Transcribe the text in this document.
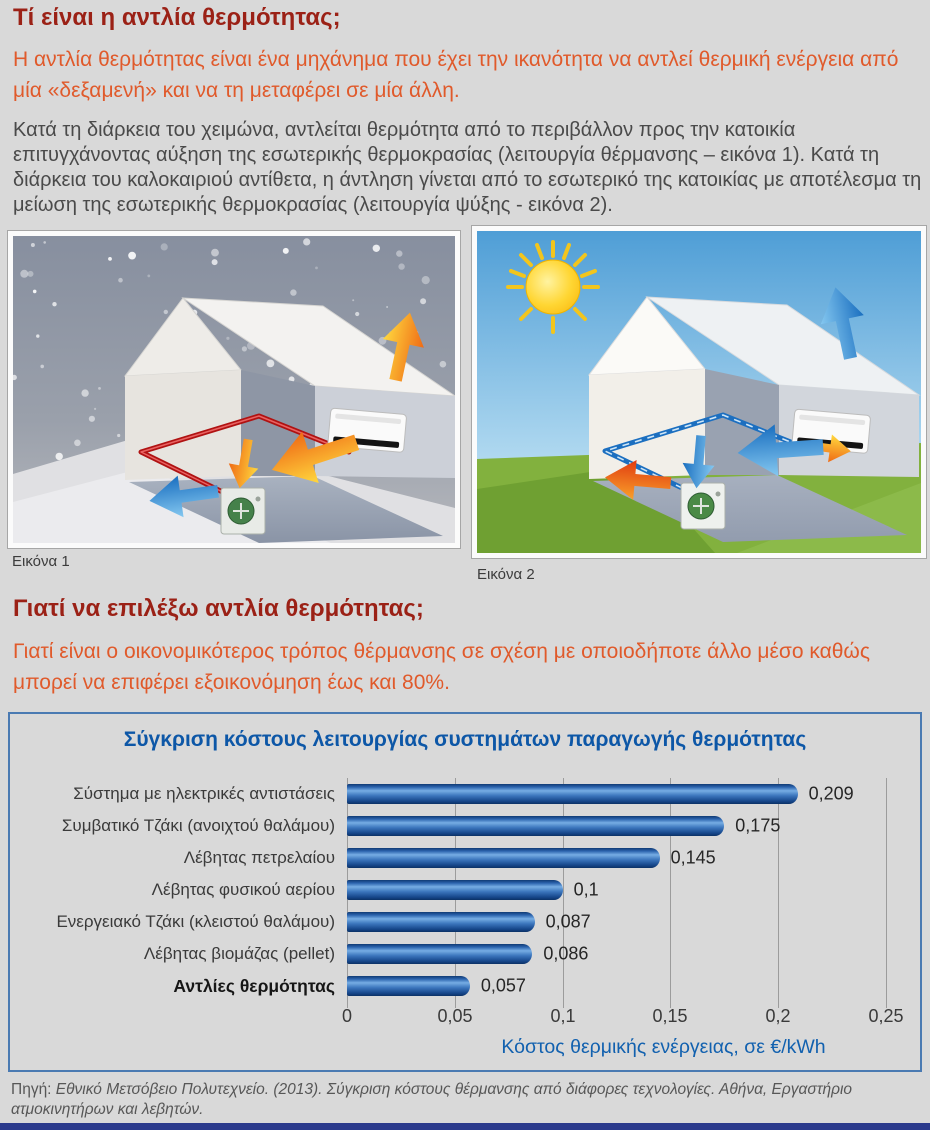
Τί είναι η αντλία θερμότητας;

Η αντλία θερμότητας είναι ένα μηχάνημα που έχει την ικανότητα να αντλεί θερμική ενέργεια από μία «δεξαμενή» και να τη μεταφέρει σε μία άλλη.

Κατά τη διάρκεια του χειμώνα, αντλείται θερμότητα από το περιβάλλον προς την κατοικία επιτυγχάνοντας αύξηση της εσωτερικής θερμοκρασίας (λειτουργία θέρμανσης – εικόνα 1). Κατά τη διάρκεια του καλοκαιριού αντίθετα, η άντληση γίνεται από το εσωτερικό της κατοικίας με αποτέλεσμα τη μείωση της εσωτερικής θερμοκρασίας (λειτουργία ψύξης - εικόνα 2).

Εικόνα 1
Εικόνα 2
Γιατί να επιλέξω αντλία θερμότητας;

Γιατί είναι ο οικονομικότερος τρόπος θέρμανσης σε σχέση με οποιοδήποτε άλλο μέσο καθώς μπορεί να επιφέρει εξοικονόμηση έως και 80%.

Σύγκριση κόστους λειτουργίας συστημάτων παραγωγής θερμότητας
Σύστημα με ηλεκτρικές αντιστάσεις	0,209
Συμβατικό Τζάκι (ανοιχτού θαλάμου)	0,175
Λέβητας πετρελαίου	0,145
Λέβητας φυσικού αερίου	0,1
Ενεργειακό Τζάκι (κλειστού θαλάμου)	0,087
Λέβητας βιομάζας (pellet)	0,086
Αντλίες θερμότητας	0,057
0	0,05	0,1	0,15	0,2	0,25
Κόστος θερμικής ενέργειας, σε €/kWh
Πηγή: Εθνικό Μετσόβειο Πολυτεχνείο. (2013). Σύγκριση κόστους θέρμανσης από διάφορες τεχνολογίες. Αθήνα, Εργαστήριο ατμοκινητήρων και λεβητών.
